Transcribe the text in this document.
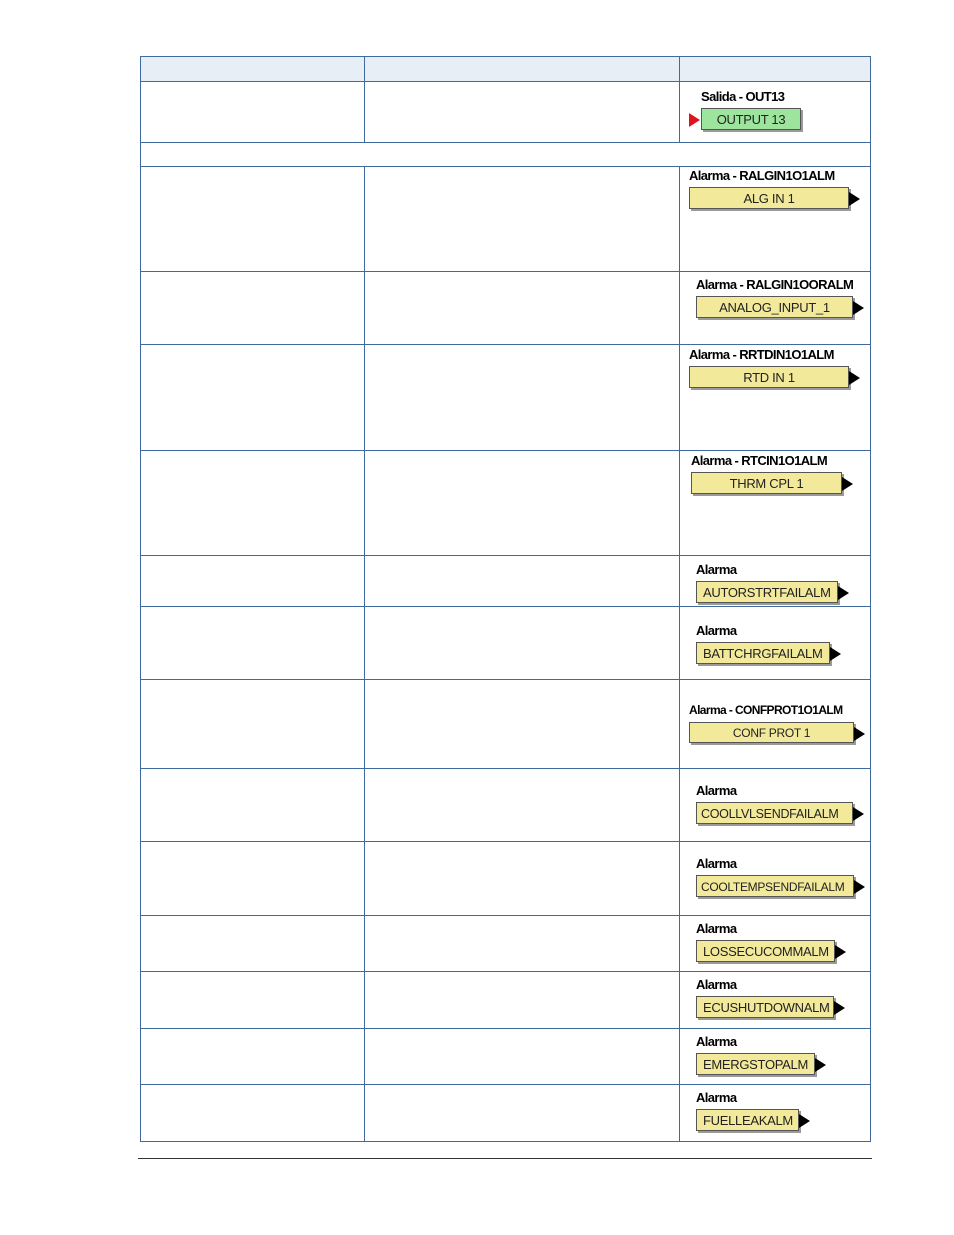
		Salida - OUT13
OUTPUT 13

		Alarma - RALGIN1O1ALM
ALG IN 1

		Alarma - RALGIN1OORALM
ANALOG_INPUT_1

		Alarma - RRTDIN1O1ALM
RTD IN 1

		Alarma - RTCIN1O1ALM
THRM CPL 1

		Alarma
AUTORSTRTFAILALM

		Alarma
BATTCHRGFAILALM

		Alarma - CONFPROT1O1ALM
CONF PROT 1

		Alarma
COOLLVLSENDFAILALM

		Alarma
COOLTEMPSENDFAILALM

		Alarma
LOSSECUCOMMALM

		Alarma
ECUSHUTDOWNALM

		Alarma
EMERGSTOPALM

		Alarma
FUELLEAKALM
